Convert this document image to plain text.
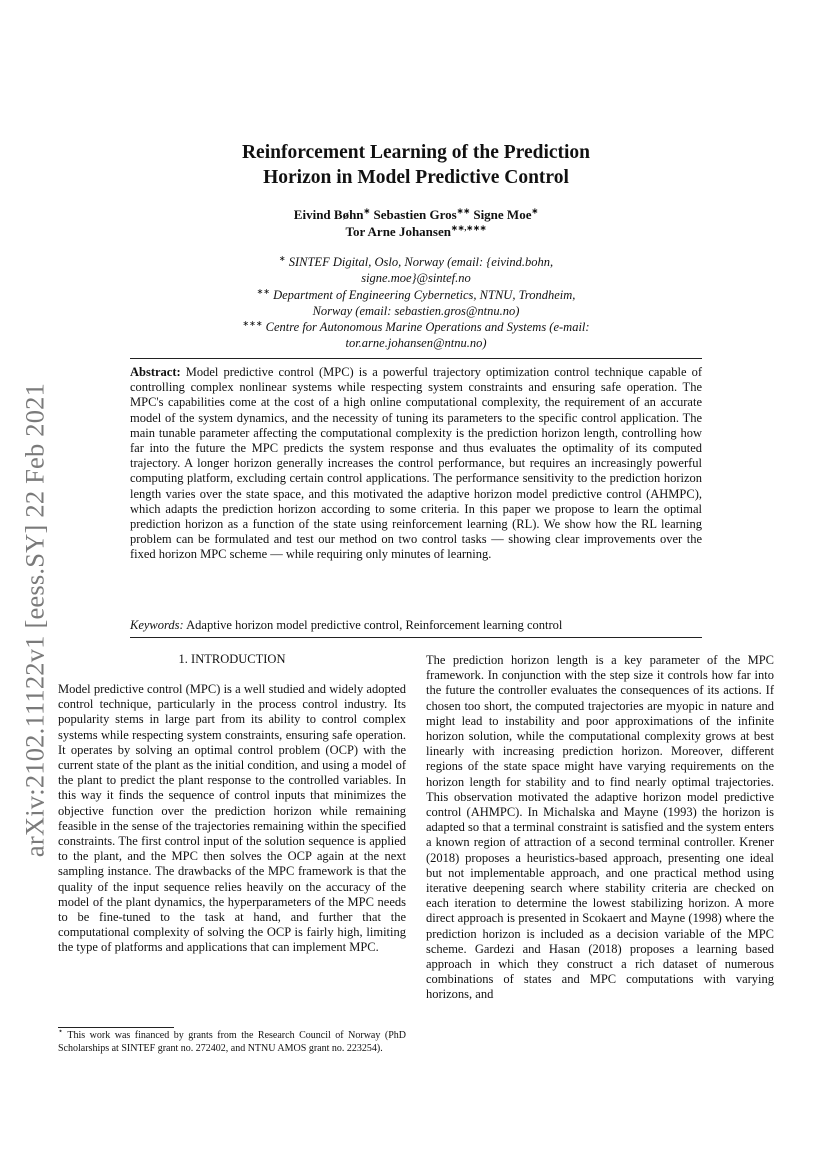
arXiv:2102.11122v1 [eess.SY] 22 Feb 2021
Reinforcement Learning of the Prediction
Horizon in Model Predictive Control
Eivind Bøhn∗ Sebastien Gros∗∗ Signe Moe∗
Tor Arne Johansen∗∗,∗∗∗
∗ SINTEF Digital, Oslo, Norway (email: {eivind.bohn,
signe.moe}@sintef.no
∗∗ Department of Engineering Cybernetics, NTNU, Trondheim,
Norway (email: sebastien.gros@ntnu.no)
∗∗∗ Centre for Autonomous Marine Operations and Systems (e-mail:
tor.arne.johansen@ntnu.no)
Abstract: Model predictive control (MPC) is a powerful trajectory optimization control technique capable of controlling complex nonlinear systems while respecting system constraints and ensuring safe operation. The MPC's capabilities come at the cost of a high online computational complexity, the requirement of an accurate model of the system dynamics, and the necessity of tuning its parameters to the specific control application. The main tunable parameter affecting the computational complexity is the prediction horizon length, controlling how far into the future the MPC predicts the system response and thus evaluates the optimality of its computed trajectory. A longer horizon generally increases the control performance, but requires an increasingly powerful computing platform, excluding certain control applications. The performance sensitivity to the prediction horizon length varies over the state space, and this motivated the adaptive horizon model predictive control (AHMPC), which adapts the prediction horizon according to some criteria. In this paper we propose to learn the optimal prediction horizon as a function of the state using reinforcement learning (RL). We show how the RL learning problem can be formulated and test our method on two control tasks — showing clear improvements over the fixed horizon MPC scheme — while requiring only minutes of learning.
Keywords: Adaptive horizon model predictive control, Reinforcement learning control
1. INTRODUCTION

Model predictive control (MPC) is a well studied and widely adopted control technique, particularly in the process control industry. Its popularity stems in large part from its ability to control complex systems while respecting system constraints, ensuring safe operation. It operates by solving an optimal control problem (OCP) with the current state of the plant as the initial condition, and using a model of the plant to predict the plant response to the controlled variables. In this way it finds the sequence of control inputs that minimizes the objective function over the prediction horizon while remaining feasible in the sense of the trajectories remaining within the specified constraints. The first control input of the solution sequence is applied to the plant, and the MPC then solves the OCP again at the next sampling instance. The drawbacks of the MPC framework is that the quality of the input sequence relies heavily on the accuracy of the model of the plant dynamics, the hyperparameters of the MPC needs to be fine-tuned to the task at hand, and further that the computational complexity of solving the OCP is fairly high, limiting the type of platforms and applications that can implement MPC.

⋆ This work was financed by grants from the Research Council of Norway (PhD Scholarships at SINTEF grant no. 272402, and NTNU AMOS grant no. 223254).

The prediction horizon length is a key parameter of the MPC framework. In conjunction with the step size it controls how far into the future the controller evaluates the consequences of its actions. If chosen too short, the computed trajectories are myopic in nature and might lead to instability and poor approximations of the infinite horizon solution, while the computational complexity grows at best linearly with increasing prediction horizon. Moreover, different regions of the state space might have varying requirements on the horizon length for stability and to find nearly optimal trajectories. This observation motivated the adaptive horizon model predictive control (AHMPC). In Michalska and Mayne (1993) the horizon is adapted so that a terminal constraint is satisfied and the system enters a known region of attraction of a second terminal controller. Krener (2018) proposes a heuristics-based approach, presenting one ideal but not implementable approach, and one practical method using iterative deepening search where stability criteria are checked on each iteration to determine the lowest stabilizing horizon. A more direct approach is presented in Scokaert and Mayne (1998) where the prediction horizon is included as a decision variable of the MPC scheme. Gardezi and Hasan (2018) proposes a learning based approach in which they construct a rich dataset of numerous combinations of states and MPC computations with varying horizons, and
